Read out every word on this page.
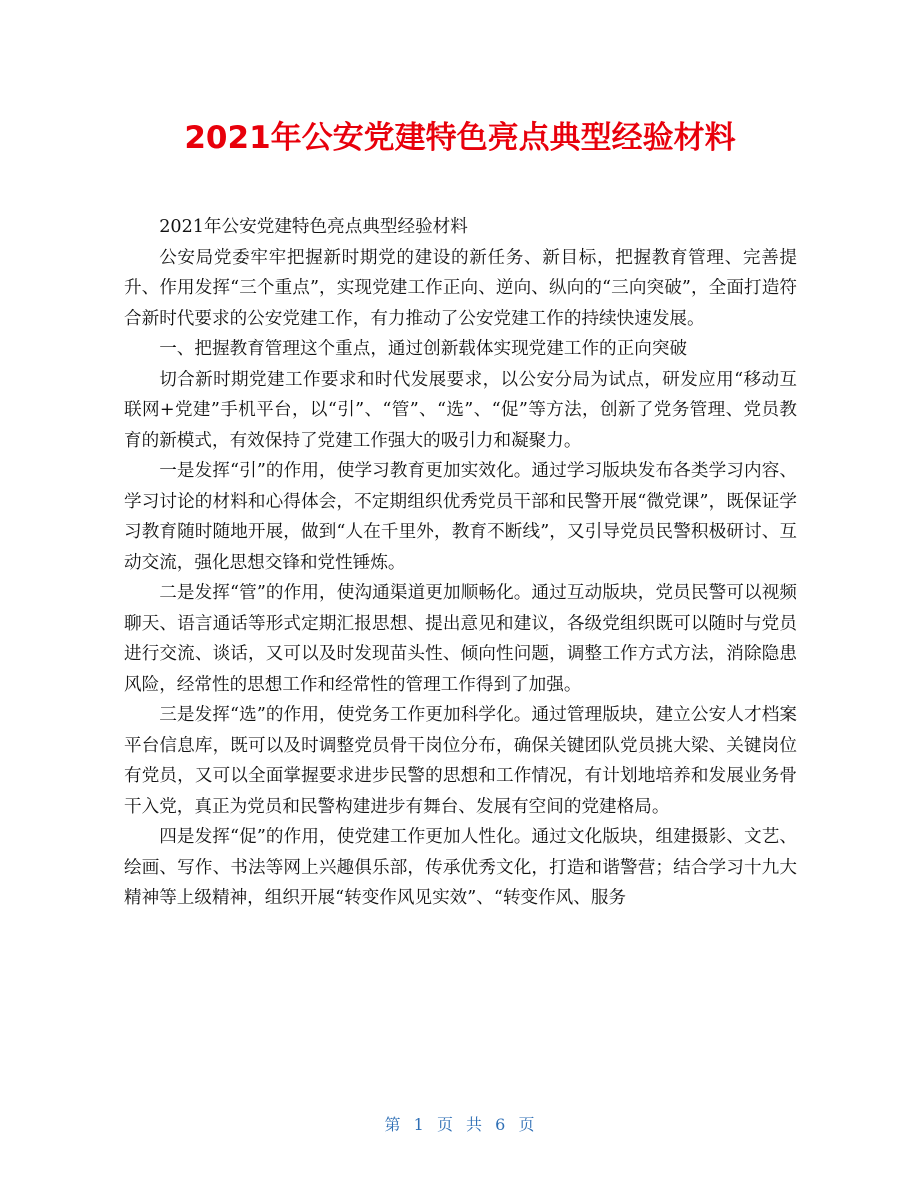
2021年公安党建特色亮点典型经验材料

2021年公安党建特色亮点典型经验材料

公安局党委牢牢把握新时期党的建设的新任务、新目标，把握教育管理、完善提升、作用发挥“三个重点”，实现党建工作正向、逆向、纵向的“三向突破”，全面打造符合新时代要求的公安党建工作，有力推动了公安党建工作的持续快速发展。

一、把握教育管理这个重点，通过创新载体实现党建工作的正向突破

切合新时期党建工作要求和时代发展要求，以公安分局为试点，研发应用“移动互联网+党建”手机平台，以“引”、“管”、“选”、“促”等方法，创新了党务管理、党员教育的新模式，有效保持了党建工作强大的吸引力和凝聚力。

一是发挥“引”的作用，使学习教育更加实效化。通过学习版块发布各类学习内容、学习讨论的材料和心得体会，不定期组织优秀党员干部和民警开展“微党课”，既保证学习教育随时随地开展，做到“人在千里外，教育不断线”，又引导党员民警积极研讨、互动交流，强化思想交锋和党性锤炼。

二是发挥“管”的作用，使沟通渠道更加顺畅化。通过互动版块，党员民警可以视频聊天、语言通话等形式定期汇报思想、提出意见和建议，各级党组织既可以随时与党员进行交流、谈话，又可以及时发现苗头性、倾向性问题，调整工作方式方法，消除隐患风险，经常性的思想工作和经常性的管理工作得到了加强。

三是发挥“选”的作用，使党务工作更加科学化。通过管理版块，建立公安人才档案平台信息库，既可以及时调整党员骨干岗位分布，确保关键团队党员挑大梁、关键岗位有党员，又可以全面掌握要求进步民警的思想和工作情况，有计划地培养和发展业务骨干入党，真正为党员和民警构建进步有舞台、发展有空间的党建格局。

四是发挥“促”的作用，使党建工作更加人性化。通过文化版块，组建摄影、文艺、绘画、写作、书法等网上兴趣俱乐部，传承优秀文化，打造和谐警营；结合学习十九大精神等上级精神，组织开展“转变作风见实效”、“转变作风、服务

第 1 页 共 6 页
